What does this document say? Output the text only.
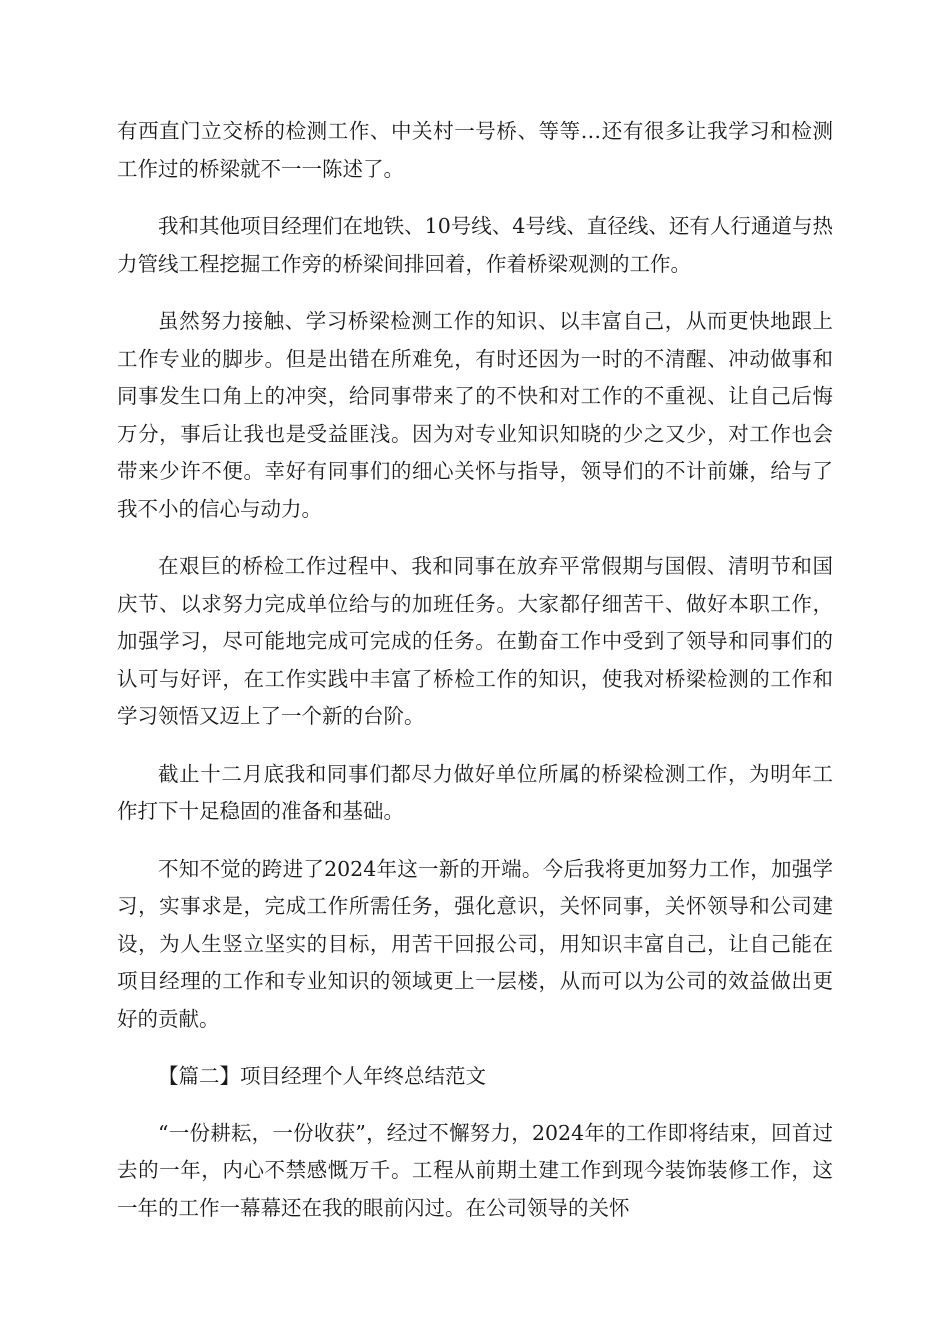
有西直门立交桥的检测工作、中关村一号桥、等等…还有很多让我学习和检测工作过的桥梁就不一一陈述了。

我和其他项目经理们在地铁、10号线、4号线、直径线、还有人行通道与热力管线工程挖掘工作旁的桥梁间排回着，作着桥梁观测的工作。

虽然努力接触、学习桥梁检测工作的知识、以丰富自己，从而更快地跟上工作专业的脚步。但是出错在所难免，有时还因为一时的不清醒、冲动做事和同事发生口角上的冲突，给同事带来了的不快和对工作的不重视、让自己后悔万分，事后让我也是受益匪浅。因为对专业知识知晓的少之又少，对工作也会带来少许不便。幸好有同事们的细心关怀与指导，领导们的不计前嫌，给与了我不小的信心与动力。

在艰巨的桥检工作过程中、我和同事在放弃平常假期与国假、清明节和国庆节、以求努力完成单位给与的加班任务。大家都仔细苦干、做好本职工作，加强学习，尽可能地完成可完成的任务。在勤奋工作中受到了领导和同事们的认可与好评，在工作实践中丰富了桥检工作的知识，使我对桥梁检测的工作和学习领悟又迈上了一个新的台阶。

截止十二月底我和同事们都尽力做好单位所属的桥梁检测工作，为明年工作打下十足稳固的准备和基础。

不知不觉的跨进了2024年这一新的开端。今后我将更加努力工作，加强学习，实事求是，完成工作所需任务，强化意识，关怀同事，关怀领导和公司建设，为人生竖立坚实的目标，用苦干回报公司，用知识丰富自己，让自己能在项目经理的工作和专业知识的领域更上一层楼，从而可以为公司的效益做出更好的贡献。

【篇二】项目经理个人年终总结范文

“一份耕耘，一份收获”，经过不懈努力，2024年的工作即将结束，回首过去的一年，内心不禁感慨万千。工程从前期土建工作到现今装饰装修工作，这一年的工作一幕幕还在我的眼前闪过。在公司领导的关怀
